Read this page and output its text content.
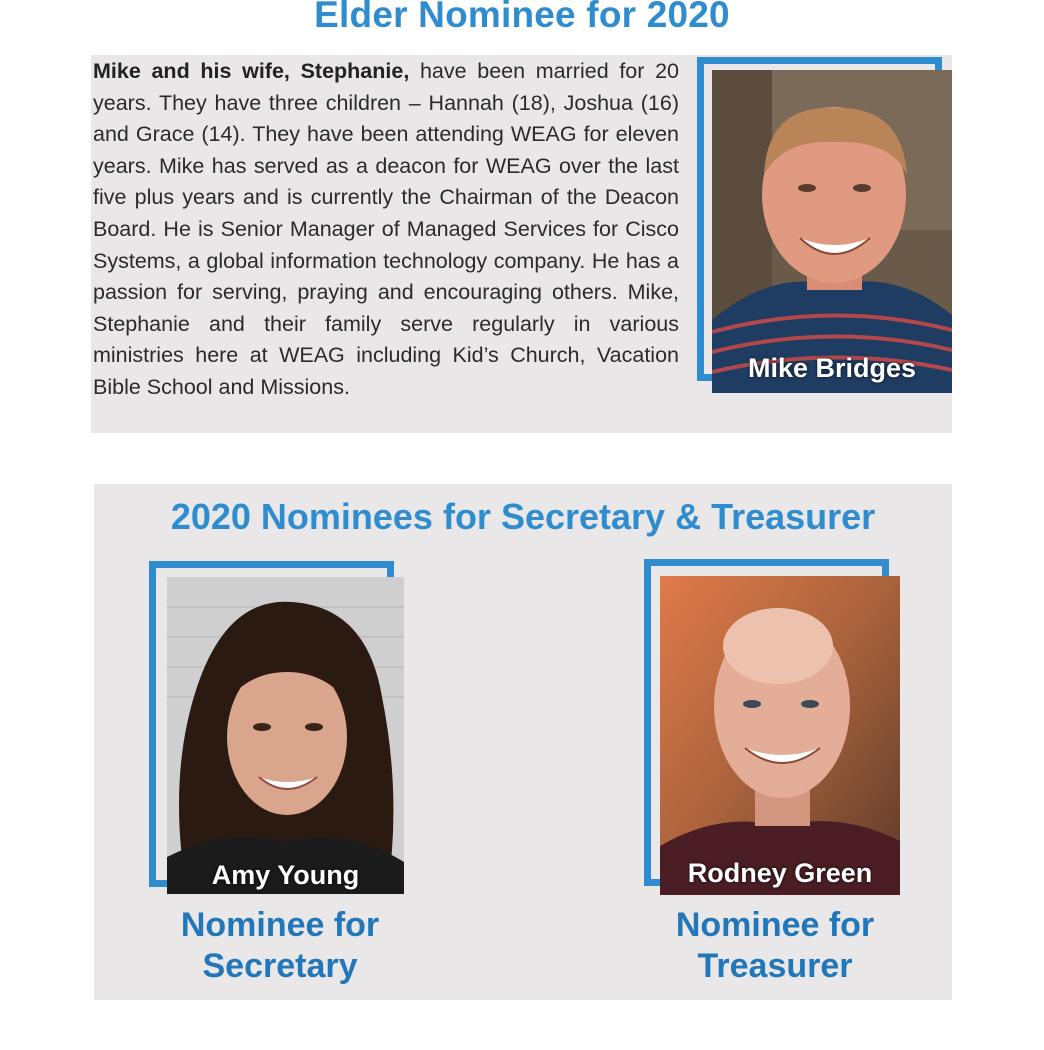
Elder Nominee for 2020

Mike and his wife, Stephanie, have been married for 20 years. They have three children – Hannah (18), Joshua (16) and Grace (14). They have been attending WEAG for eleven years. Mike has served as a deacon for WEAG over the last five plus years and is currently the Chairman of the Deacon Board. He is Senior Manager of Managed Services for Cisco Systems, a global information technology company. He has a passion for serving, praying and encouraging others. Mike, Stephanie and their family serve regularly in various ministries here at WEAG including Kid’s Church, Vacation Bible School and Missions.

Mike Bridges
2020 Nominees for Secretary & Treasurer
Amy Young	Rodney Green

Nominee for
Secretary

Nominee for
Treasurer
